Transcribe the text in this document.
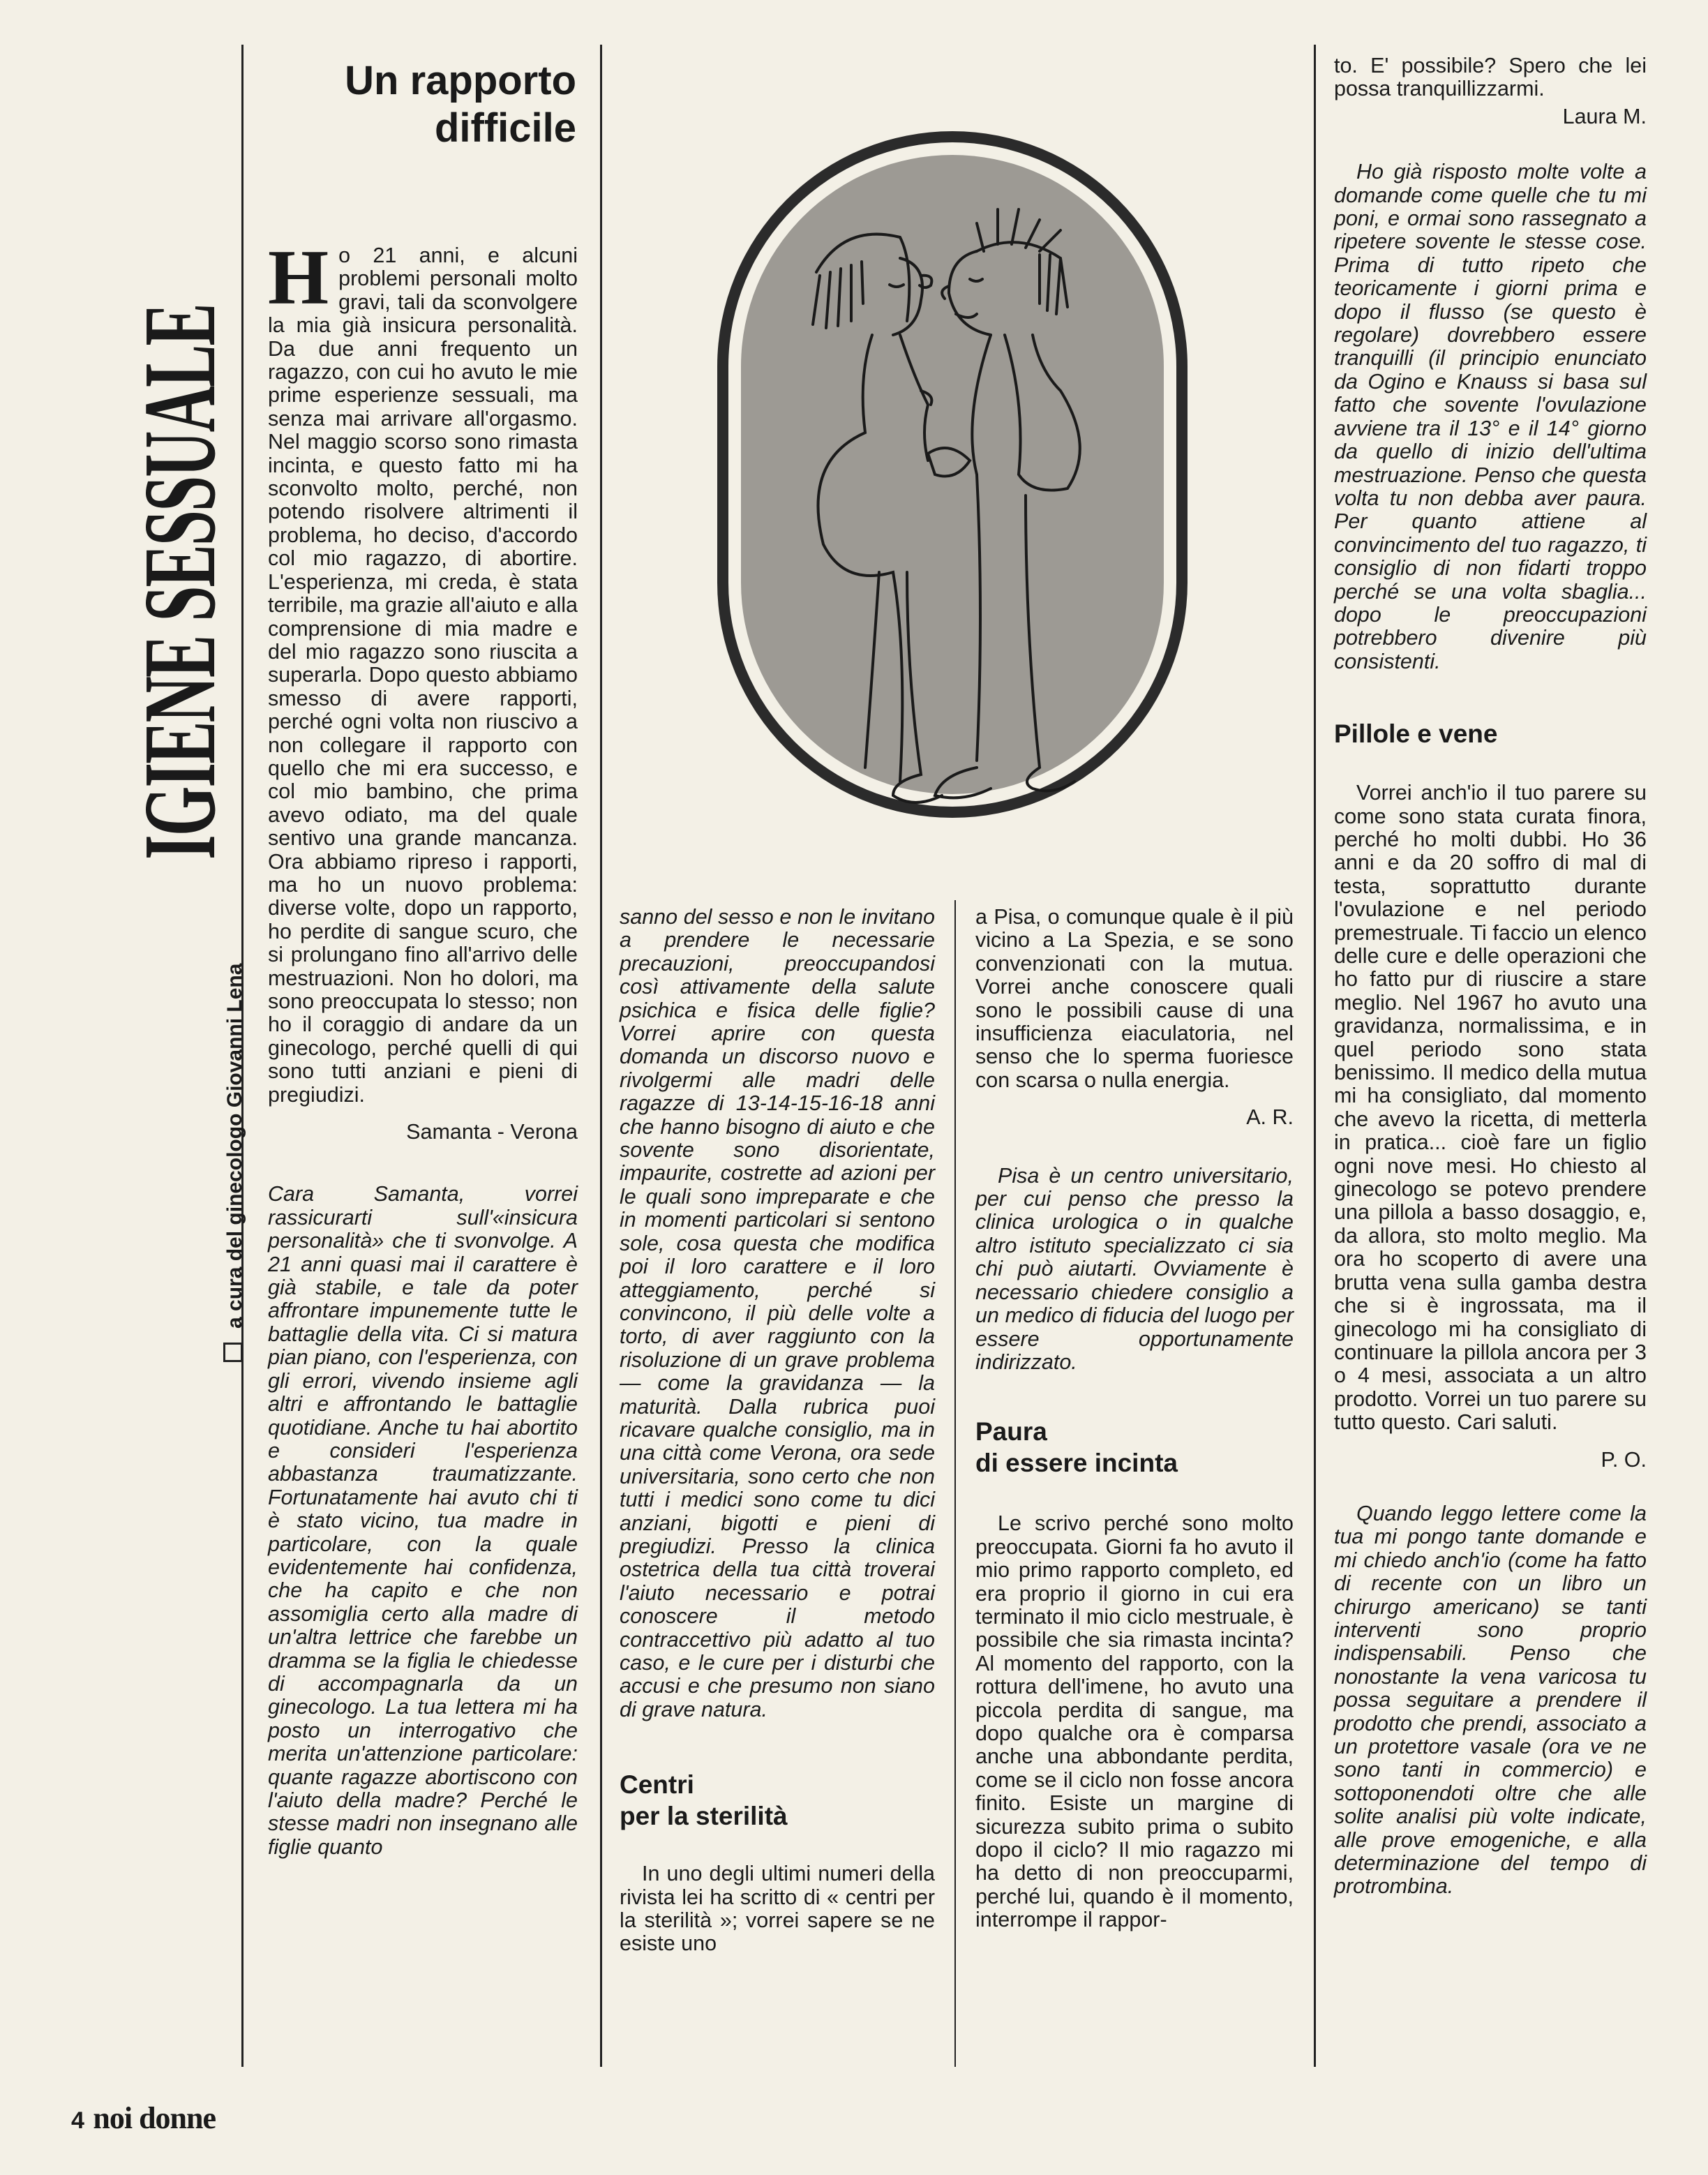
IGIENE SESSUALE
a cura del ginecologo Giovanni Lena
Un rapporto difficile

Ho 21 anni, e alcuni problemi personali molto gravi, tali da sconvolgere la mia già insicura personalità. Da due anni frequento un ragazzo, con cui ho avuto le mie prime esperienze sessuali, ma senza mai arrivare all'orgasmo. Nel maggio scorso sono rimasta incinta, e questo fatto mi ha sconvolto molto, perché, non potendo risolvere altrimenti il problema, ho deciso, d'accordo col mio ragazzo, di abortire. L'esperienza, mi creda, è stata terribile, ma grazie all'aiuto e alla comprensione di mia madre e del mio ragazzo sono riuscita a superarla. Dopo questo abbiamo smesso di avere rapporti, perché ogni volta non riuscivo a non collegare il rapporto con quello che mi era successo, e col mio bambino, che prima avevo odiato, ma del quale sentivo una grande mancanza. Ora abbiamo ripreso i rapporti, ma ho un nuovo problema: diverse volte, dopo un rapporto, ho perdite di sangue scuro, che si prolungano fino all'arrivo delle mestruazioni. Non ho dolori, ma sono preoccupata lo stesso; non ho il coraggio di andare da un ginecologo, perché quelli di qui sono tutti anziani e pieni di pregiudizi.

Samanta - Verona

Cara Samanta, vorrei rassicurarti sull'«insicura personalità» che ti svonvolge. A 21 anni quasi mai il carattere è già stabile, e tale da poter affrontare impunemente tutte le battaglie della vita. Ci si matura pian piano, con l'esperienza, con gli errori, vivendo insieme agli altri e affrontando le battaglie quotidiane. Anche tu hai abortito e consideri l'esperienza abbastanza traumatizzante. Fortunatamente hai avuto chi ti è stato vicino, tua madre in particolare, con la quale evidentemente hai confidenza, che ha capito e che non assomiglia certo alla madre di un'altra lettrice che farebbe un dramma se la figlia le chiedesse di accompagnarla da un ginecologo. La tua lettera mi ha posto un interrogativo che merita un'attenzione particolare: quante ragazze abortiscono con l'aiuto della madre? Perché le stesse madri non insegnano alle figlie quanto

sanno del sesso e non le invitano a prendere le necessarie precauzioni, preoccupandosi così attivamente della salute psichica e fisica delle figlie? Vorrei aprire con questa domanda un discorso nuovo e rivolgermi alle madri delle ragazze di 13-14-15-16-18 anni che hanno bisogno di aiuto e che sovente sono disorientate, impaurite, costrette ad azioni per le quali sono impreparate e che in momenti particolari si sentono sole, cosa questa che modifica poi il loro carattere e il loro atteggiamento, perché si convincono, il più delle volte a torto, di aver raggiunto con la risoluzione di un grave problema — come la gravidanza — la maturità. Dalla rubrica puoi ricavare qualche consiglio, ma in una città come Verona, ora sede universitaria, sono certo che non tutti i medici sono come tu dici anziani, bigotti e pieni di pregiudizi. Presso la clinica ostetrica della tua città troverai l'aiuto necessario e potrai conoscere il metodo contraccettivo più adatto al tuo caso, e le cure per i disturbi che accusi e che presumo non siano di grave natura.

Centri

per la sterilità

In uno degli ultimi numeri della rivista lei ha scritto di « centri per la sterilità »; vorrei sapere se ne esiste uno

a Pisa, o comunque quale è il più vicino a La Spezia, e se sono convenzionati con la mutua. Vorrei anche conoscere quali sono le possibili cause di una insufficienza eiaculatoria, nel senso che lo sperma fuoriesce con scarsa o nulla energia.

A. R.

Pisa è un centro universitario, per cui penso che presso la clinica urologica o in qualche altro istituto specializzato ci sia chi può aiutarti. Ovviamente è necessario chiedere consiglio a un medico di fiducia del luogo per essere opportunamente indirizzato.

Paura

di essere incinta

Le scrivo perché sono molto preoccupata. Giorni fa ho avuto il mio primo rapporto completo, ed era proprio il giorno in cui era terminato il mio ciclo mestruale, è possibile che sia rimasta incinta? Al momento del rapporto, con la rottura dell'imene, ho avuto una piccola perdita di sangue, ma dopo qualche ora è comparsa anche una abbondante perdita, come se il ciclo non fosse ancora finito. Esiste un margine di sicurezza subito prima o subito dopo il ciclo? Il mio ragazzo mi ha detto di non preoccuparmi, perché lui, quando è il momento, interrompe il rappor-

to. E' possibile? Spero che lei possa tranquillizzarmi.

Laura M.

Ho già risposto molte volte a domande come quelle che tu mi poni, e ormai sono rassegnato a ripetere sovente le stesse cose. Prima di tutto ripeto che teoricamente i giorni prima e dopo il flusso (se questo è regolare) dovrebbero essere tranquilli (il principio enunciato da Ogino e Knauss si basa sul fatto che sovente l'ovulazione avviene tra il 13° e il 14° giorno da quello di inizio dell'ultima mestruazione. Penso che questa volta tu non debba aver paura. Per quanto attiene al convincimento del tuo ragazzo, ti consiglio di non fidarti troppo perché se una volta sbaglia... dopo le preoccupazioni potrebbero divenire più consistenti.

Pillole e vene

Vorrei anch'io il tuo parere su come sono stata curata finora, perché ho molti dubbi. Ho 36 anni e da 20 soffro di mal di testa, soprattutto durante l'ovulazione e nel periodo premestruale. Ti faccio un elenco delle cure e delle operazioni che ho fatto pur di riuscire a stare meglio. Nel 1967 ho avuto una gravidanza, normalissima, e in quel periodo sono stata benissimo. Il medico della mutua mi ha consigliato, dal momento che avevo la ricetta, di metterla in pratica... cioè fare un figlio ogni nove mesi. Ho chiesto al ginecologo se potevo prendere una pillola a basso dosaggio, e, da allora, sto molto meglio. Ma ora ho scoperto di avere una brutta vena sulla gamba destra che si è ingrossata, ma il ginecologo mi ha consigliato di continuare la pillola ancora per 3 o 4 mesi, associata a un altro prodotto. Vorrei un tuo parere su tutto questo. Cari saluti.

P. O.

Quando leggo lettere come la tua mi pongo tante domande e mi chiedo anch'io (come ha fatto di recente con un libro un chirurgo americano) se tanti interventi sono proprio indispensabili. Penso che nonostante la vena varicosa tu possa seguitare a prendere il prodotto che prendi, associato a un protettore vasale (ora ve ne sono tanti in commercio) e sottoponendoti oltre che alle solite analisi più volte indicate, alle prove emogeniche, e alla determinazione del tempo di protrombina.

4 noi donne
